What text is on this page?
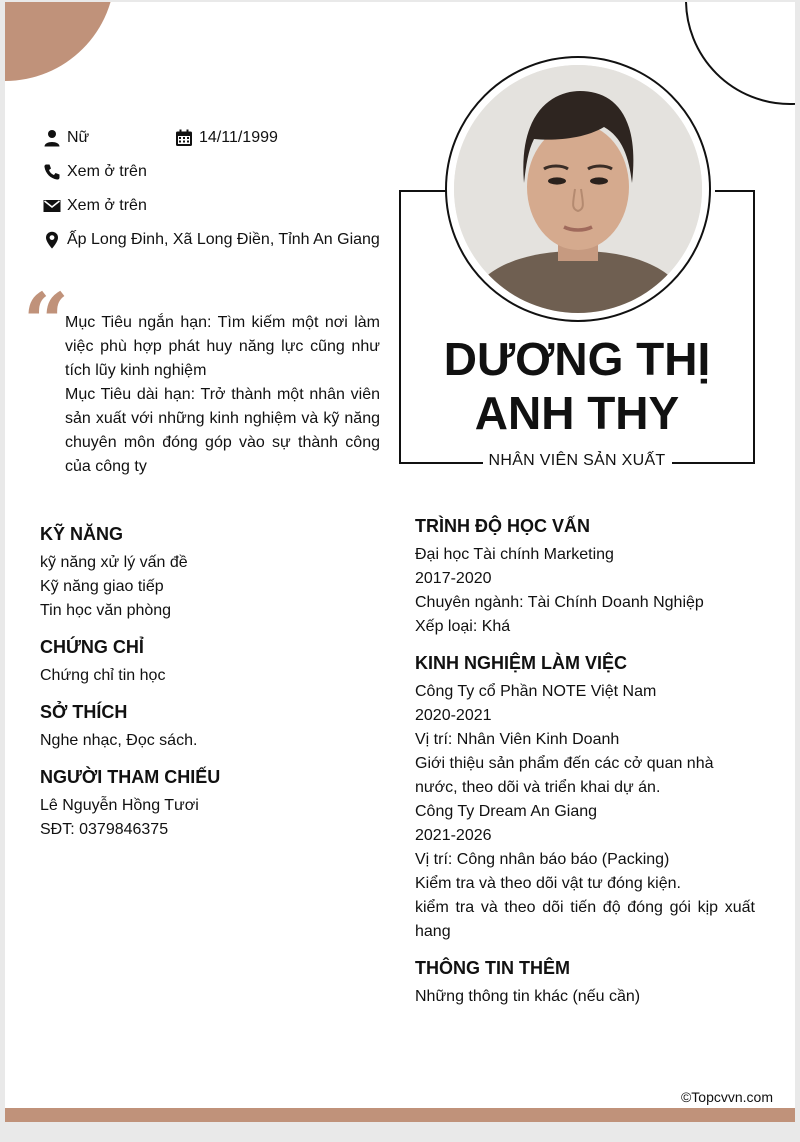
Nữ	14/11/1999
Xem ở trên
Xem ở trên
Ấp Long Đinh, Xã Long Điền, Tỉnh An Giang
“

Mục Tiêu ngắn hạn: Tìm kiếm một nơi làm việc phù hợp phát huy năng lực cũng như tích lũy kinh nghiệm

Mục Tiêu dài hạn: Trở thành một nhân viên sản xuất với những kinh nghiệm và kỹ năng chuyên môn đóng góp vào sự thành công của công ty

DƯƠNG THỊ
ANH THY
NHÂN VIÊN SẢN XUẤT
KỸ NĂNG

kỹ năng xử lý vấn đề

Kỹ năng giao tiếp

Tin học văn phòng

CHỨNG CHỈ

Chứng chỉ tin học

SỞ THÍCH

Nghe nhạc, Đọc sách.

NGƯỜI THAM CHIẾU

Lê Nguyễn Hồng Tươi

SĐT: 0379846375

TRÌNH ĐỘ HỌC VẤN

Đại học Tài chính Marketing

2017-2020

Chuyên ngành: Tài Chính Doanh Nghiệp

Xếp loại: Khá

KINH NGHIỆM LÀM VIỆC

Công Ty cổ Phần NOTE Việt Nam

2020-2021

Vị trí: Nhân Viên Kinh Doanh

Giới thiệu sản phẩm đến các cở quan nhà nước, theo dõi và triển khai dự án.

Công Ty Dream An Giang

2021-2026

Vị trí: Công nhân báo báo (Packing)

Kiểm tra và theo dõi vật tư đóng kiện.

kiểm tra và theo dõi tiến độ đóng gói kịp xuất hang

THÔNG TIN THÊM

Những thông tin khác (nếu cần)

©Topcvvn.com
